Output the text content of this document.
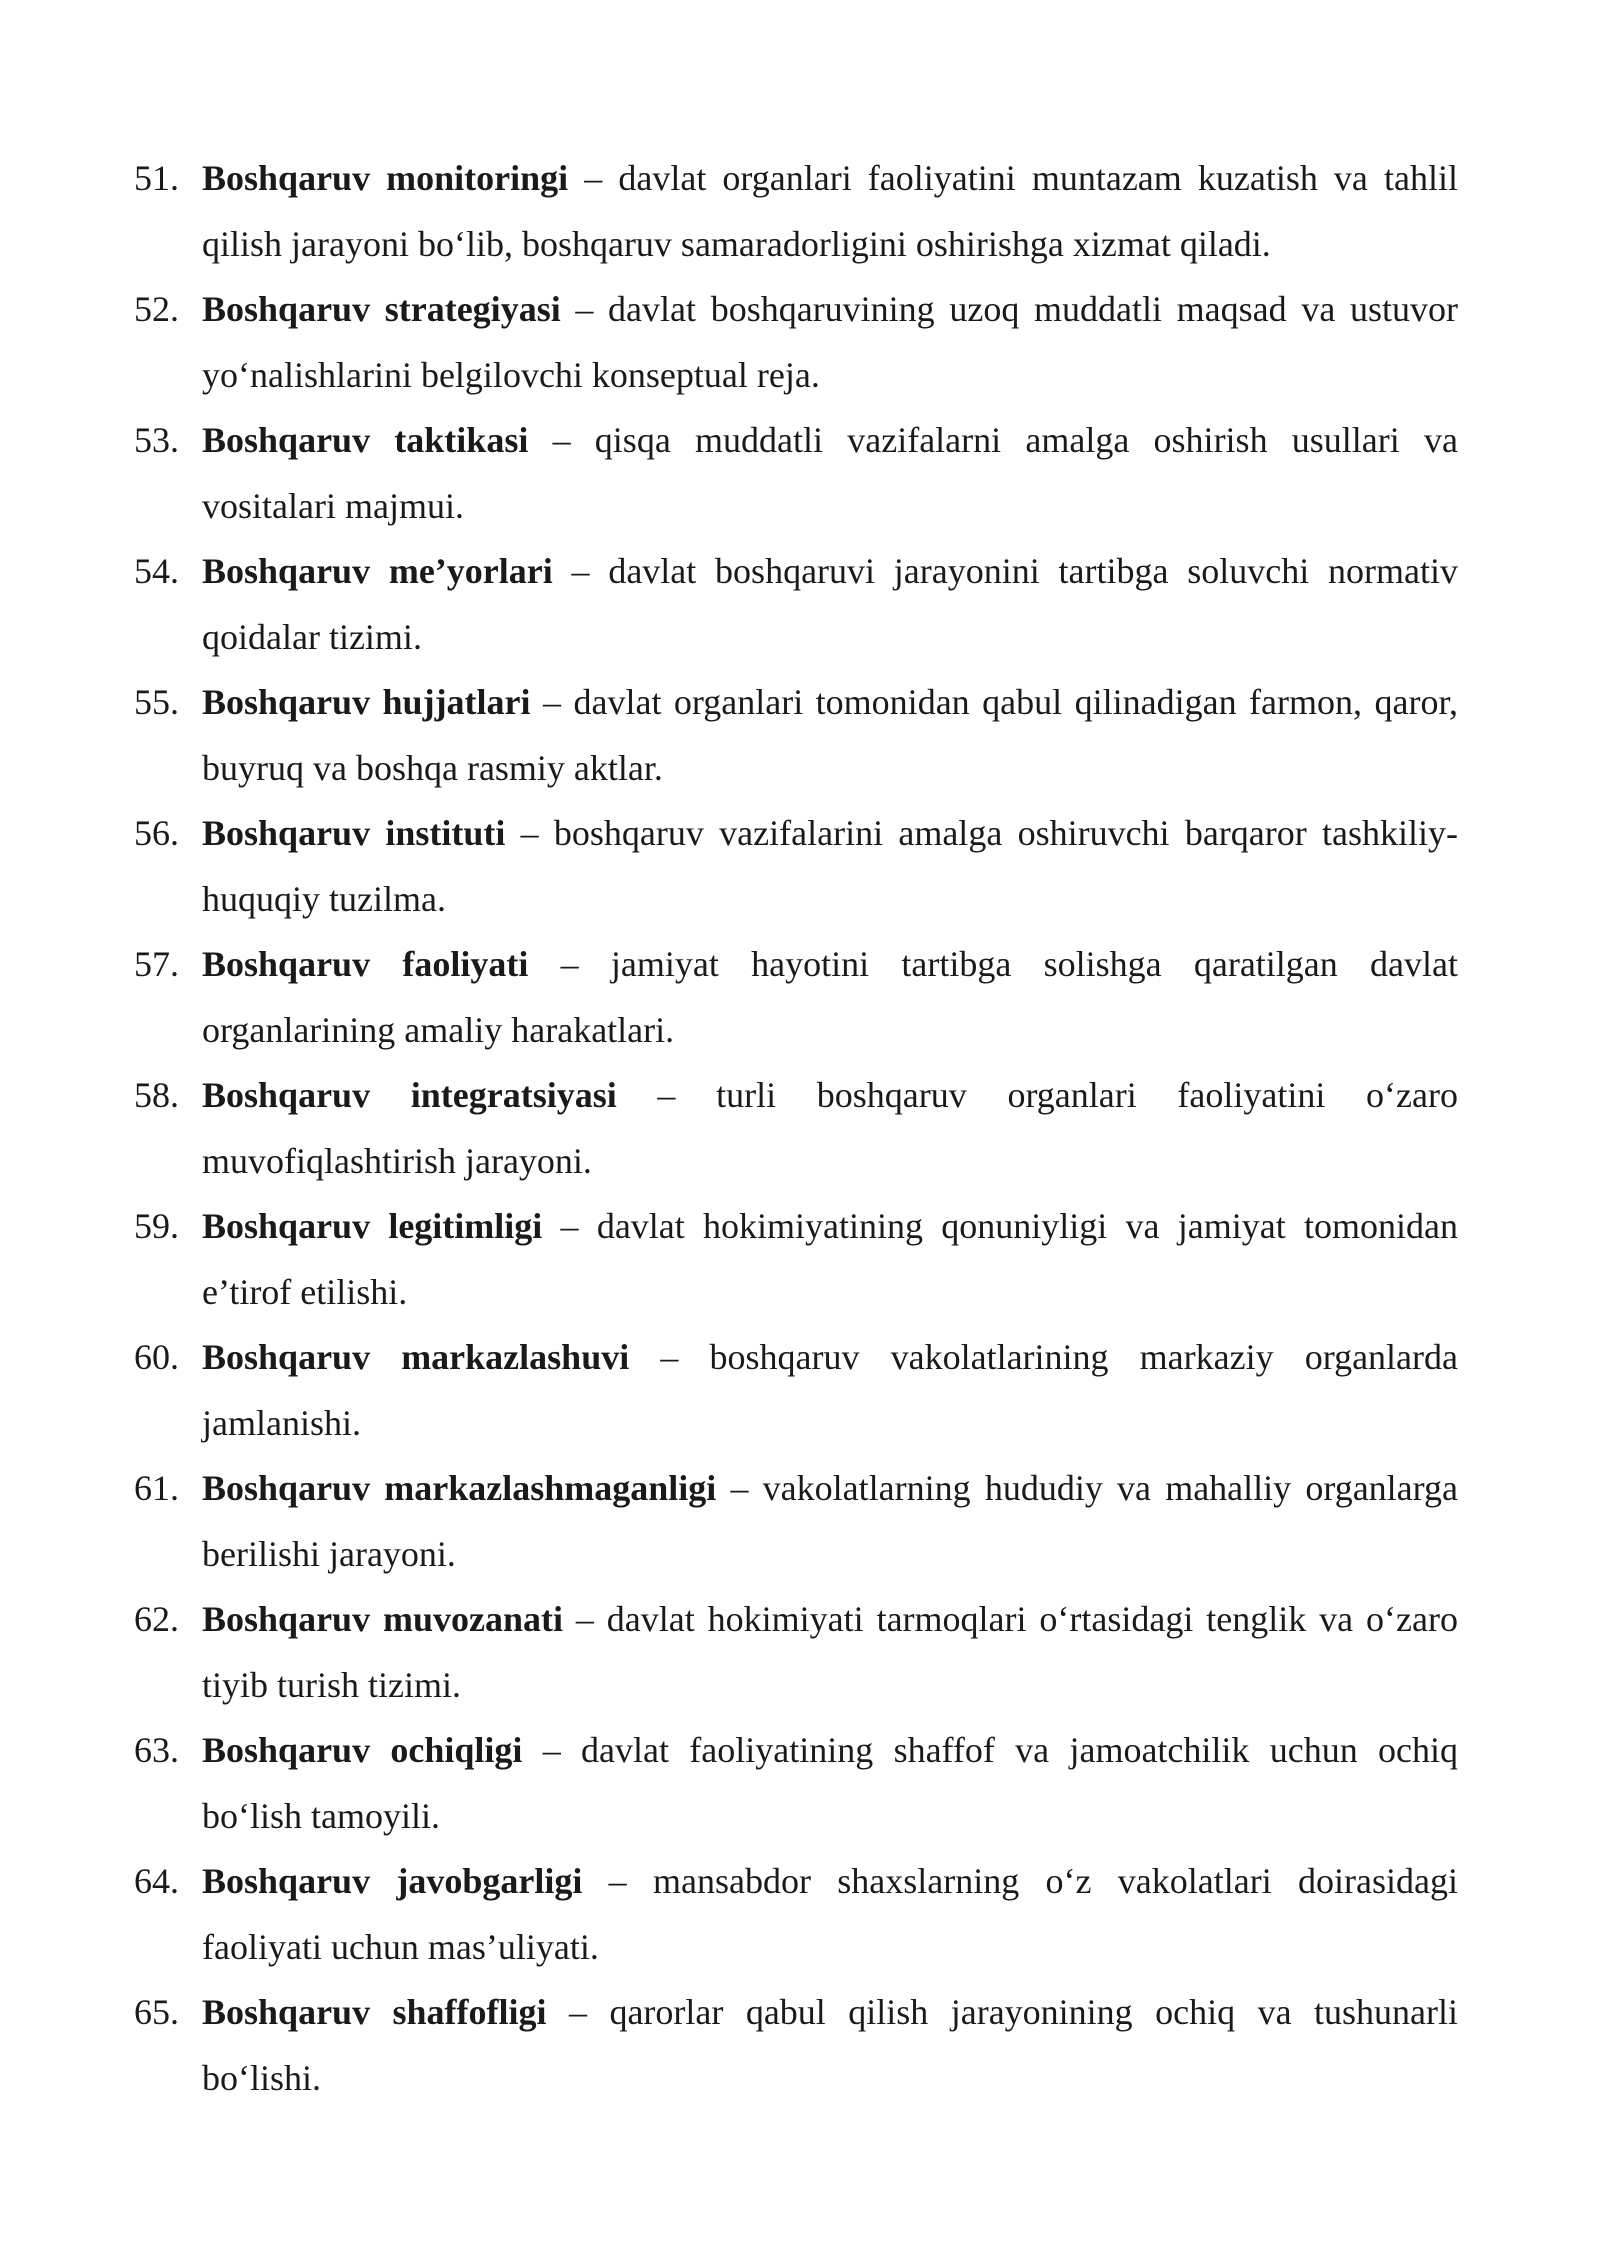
51. Boshqaruv monitoringi – davlat organlari faoliyatini muntazam kuzatish va tahlil qilish jarayoni bo‘lib, boshqaruv samaradorligini oshirishga xizmat qiladi.
52. Boshqaruv strategiyasi – davlat boshqaruvining uzoq muddatli maqsad va ustuvor yo‘nalishlarini belgilovchi konseptual reja.
53. Boshqaruv taktikasi – qisqa muddatli vazifalarni amalga oshirish usullari va vositalari majmui.
54. Boshqaruv me’yorlari – davlat boshqaruvi jarayonini tartibga soluvchi normativ qoidalar tizimi.
55. Boshqaruv hujjatlari – davlat organlari tomonidan qabul qilinadigan farmon, qaror, buyruq va boshqa rasmiy aktlar.
56. Boshqaruv instituti – boshqaruv vazifalarini amalga oshiruvchi barqaror tashkiliy-huquqiy tuzilma.
57. Boshqaruv faoliyati – jamiyat hayotini tartibga solishga qaratilgan davlat organlarining amaliy harakatlari.
58. Boshqaruv integratsiyasi – turli boshqaruv organlari faoliyatini o‘zaro muvofiqlashtirish jarayoni.
59. Boshqaruv legitimligi – davlat hokimiyatining qonuniyligi va jamiyat tomonidan e’tirof etilishi.
60. Boshqaruv markazlashuvi – boshqaruv vakolatlarining markaziy organlarda jamlanishi.
61. Boshqaruv markazlashmaganligi – vakolatlarning hududiy va mahalliy organlarga berilishi jarayoni.
62. Boshqaruv muvozanati – davlat hokimiyati tarmoqlari o‘rtasidagi tenglik va o‘zaro tiyib turish tizimi.
63. Boshqaruv ochiqligi – davlat faoliyatining shaffof va jamoatchilik uchun ochiq bo‘lish tamoyili.
64. Boshqaruv javobgarligi – mansabdor shaxslarning o‘z vakolatlari doirasidagi faoliyati uchun mas’uliyati.
65. Boshqaruv shaffofligi – qarorlar qabul qilish jarayonining ochiq va tushunarli bo‘lishi.
